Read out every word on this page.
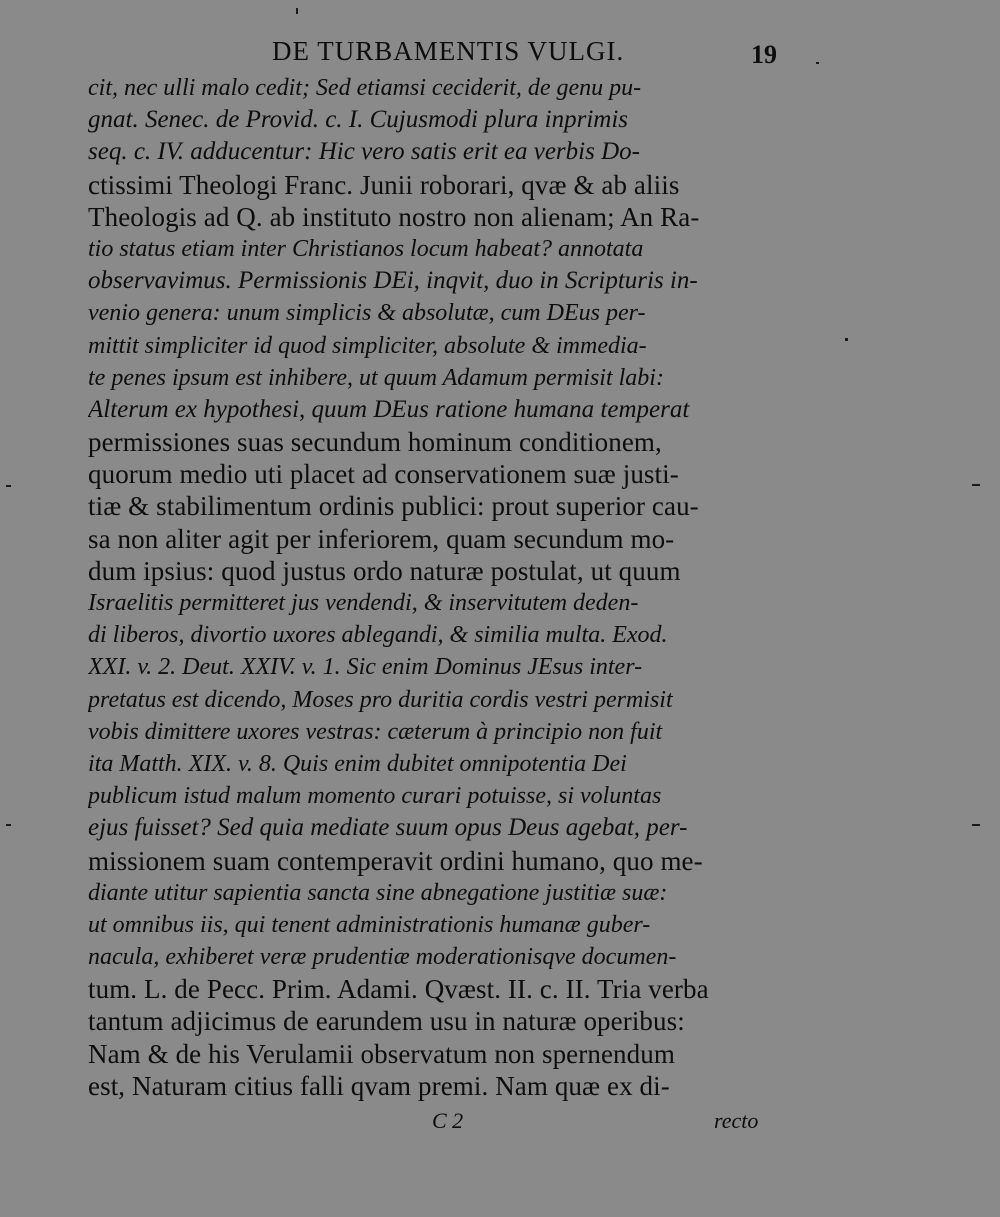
DE TURBAMENTIS VULGI.	19
cit, nec ulli malo cedit; Sed etiamsi ceciderit, de genu pu-
gnat. Senec. de Provid. c. I. Cujusmodi plura inprimis
seq. c. IV. adducentur: Hic vero satis erit ea verbis Do-
ctissimi Theologi Franc. Junii roborari, qvæ & ab aliis
Theologis ad Q. ab instituto nostro non alienam; An Ra-
tio status etiam inter Christianos locum habeat? annotata
observavimus. Permissionis DEi, inqvit, duo in Scripturis in-
venio genera: unum simplicis & absolutæ, cum DEus per-
mittit simpliciter id quod simpliciter, absolute & immedia-
te penes ipsum est inhibere, ut quum Adamum permisit labi:
Alterum ex hypothesi, quum DEus ratione humana temperat
permissiones suas secundum hominum conditionem,
quorum medio uti placet ad conservationem suæ justi-
tiæ & stabilimentum ordinis publici: prout superior cau-
sa non aliter agit per inferiorem, quam secundum mo-
dum ipsius: quod justus ordo naturæ postulat, ut quum
Israelitis permitteret jus vendendi, & inservitutem deden-
di liberos, divortio uxores ablegandi, & similia multa. Exod.
XXI. v. 2. Deut. XXIV. v. 1. Sic enim Dominus JEsus inter-
pretatus est dicendo, Moses pro duritia cordis vestri permisit
vobis dimittere uxores vestras: cæterum à principio non fuit
ita Matth. XIX. v. 8. Quis enim dubitet omnipotentia Dei
publicum istud malum momento curari potuisse, si voluntas
ejus fuisset? Sed quia mediate suum opus Deus agebat, per-
missionem suam contemperavit ordini humano, quo me-
diante utitur sapientia sancta sine abnegatione justitiæ suæ:
ut omnibus iis, qui tenent administrationis humanæ guber-
nacula, exhiberet veræ prudentiæ moderationisqve documen-
tum. L. de Pecc. Prim. Adami. Qvæst. II. c. II. Tria verba
tantum adjicimus de earundem usu in naturæ operibus:
Nam & de his Verulamii observatum non spernendum
est, Naturam citius falli qvam premi. Nam quæ ex di-
C 2	recto
